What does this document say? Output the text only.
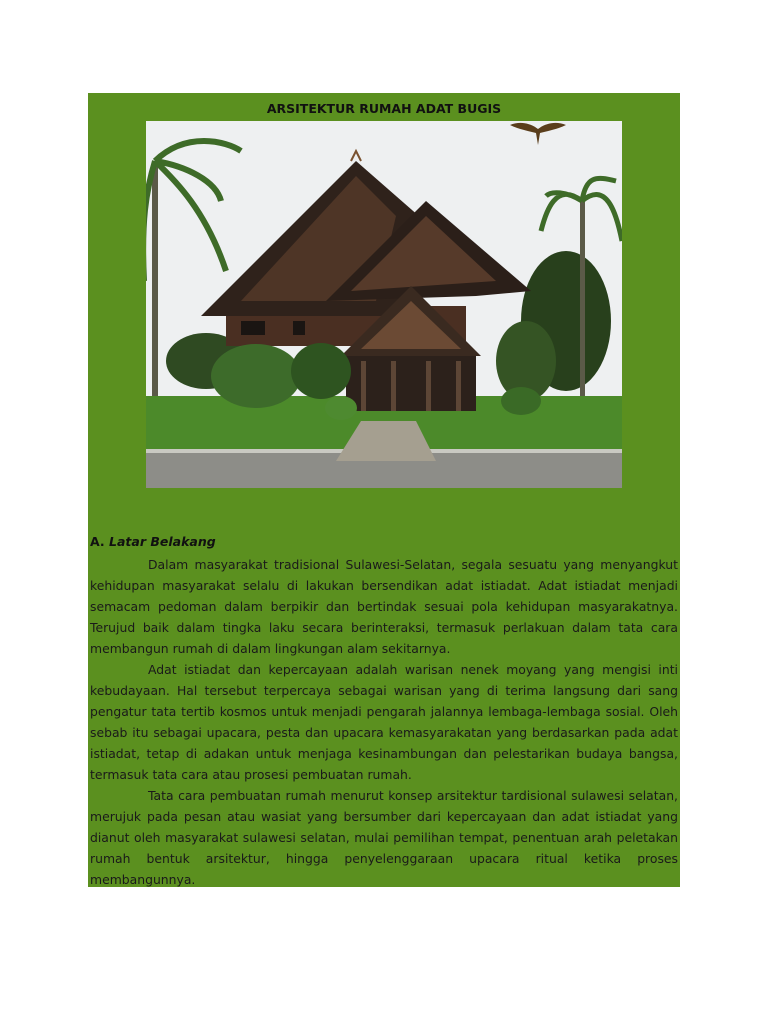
ARSITEKTUR RUMAH ADAT BUGIS
A. Latar Belakang

Dalam masyarakat tradisional Sulawesi-Selatan, segala sesuatu yang menyangkut kehidupan masyarakat selalu di lakukan bersendikan adat istiadat. Adat istiadat menjadi semacam pedoman dalam berpikir dan bertindak sesuai pola kehidupan masyarakatnya. Terujud baik dalam tingka laku secara berinteraksi, termasuk perlakuan dalam tata cara membangun rumah di dalam lingkungan alam sekitarnya.

Adat istiadat dan kepercayaan adalah warisan nenek moyang yang mengisi inti kebudayaan. Hal tersebut terpercaya sebagai warisan yang di terima langsung dari sang pengatur tata tertib kosmos untuk menjadi pengarah jalannya lembaga-lembaga sosial. Oleh sebab itu sebagai upacara, pesta dan upacara kemasyarakatan yang berdasarkan pada adat istiadat, tetap di adakan untuk menjaga kesinambungan dan pelestarikan budaya bangsa, termasuk tata cara atau prosesi pembuatan rumah.

Tata cara pembuatan rumah menurut konsep arsitektur tardisional sulawesi selatan, merujuk pada pesan atau wasiat yang bersumber dari kepercayaan dan adat istiadat yang dianut oleh masyarakat sulawesi selatan, mulai pemilihan tempat, penentuan arah peletakan rumah bentuk arsitektur, hingga penyelenggaraan upacara ritual ketika proses membangunnya.
